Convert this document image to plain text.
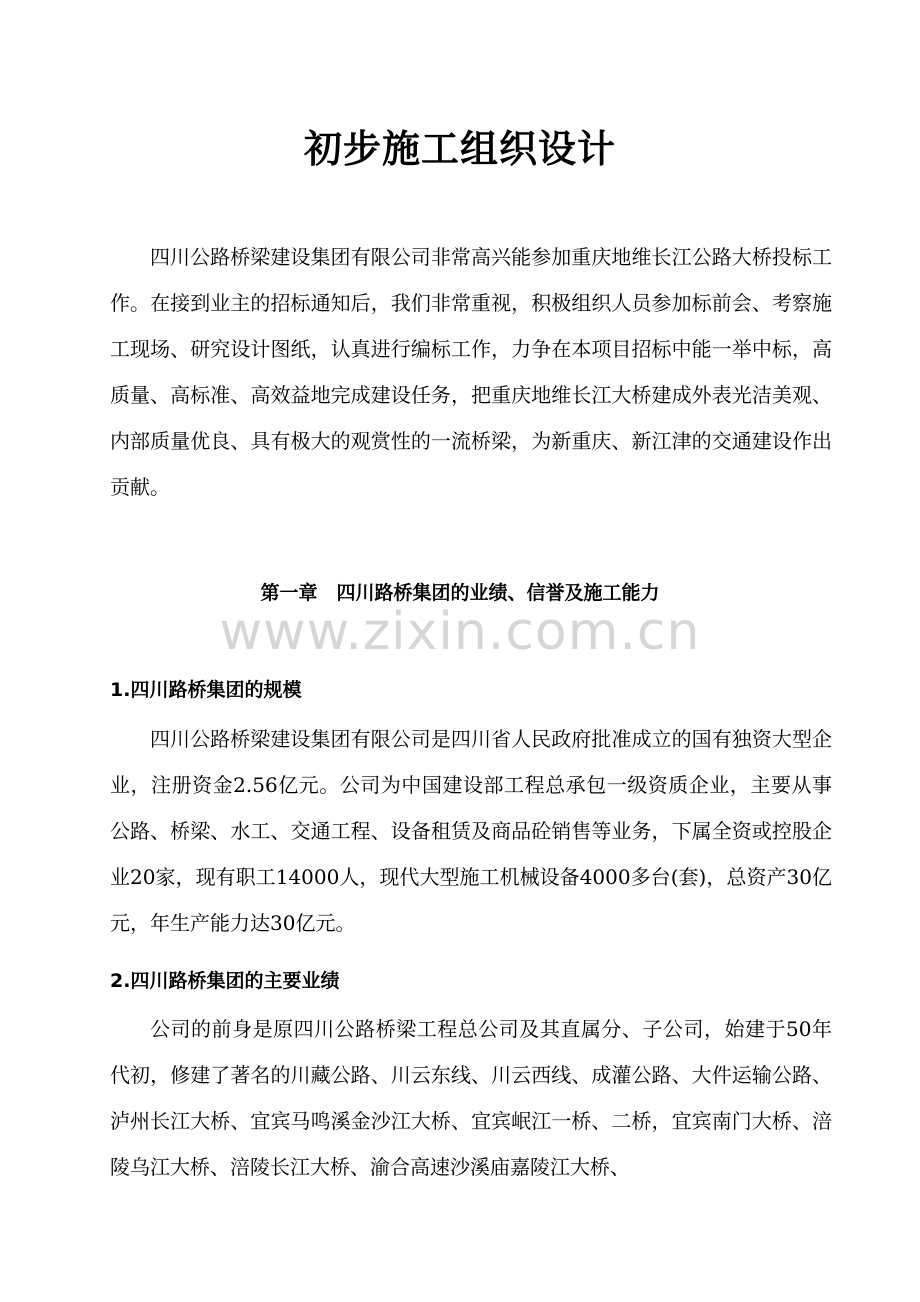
初步施工组织设计

四川公路桥梁建设集团有限公司非常高兴能参加重庆地维长江公路大桥投标工作。在接到业主的招标通知后，我们非常重视，积极组织人员参加标前会、考察施工现场、研究设计图纸，认真进行编标工作，力争在本项目招标中能一举中标，高质量、高标准、高效益地完成建设任务，把重庆地维长江大桥建成外表光洁美观、内部质量优良、具有极大的观赏性的一流桥梁，为新重庆、新江津的交通建设作出贡献。

第一章　四川路桥集团的业绩、信誉及施工能力
www.zixin.com.cn
1.四川路桥集团的规模

四川公路桥梁建设集团有限公司是四川省人民政府批准成立的国有独资大型企业，注册资金2.56亿元。公司为中国建设部工程总承包一级资质企业，主要从事公路、桥梁、水工、交通工程、设备租赁及商品砼销售等业务，下属全资或控股企业20家，现有职工14000人，现代大型施工机械设备4000多台(套)，总资产30亿元，年生产能力达30亿元。

2.四川路桥集团的主要业绩

公司的前身是原四川公路桥梁工程总公司及其直属分、子公司，始建于50年代初，修建了著名的川藏公路、川云东线、川云西线、成灌公路、大件运输公路、泸州长江大桥、宜宾马鸣溪金沙江大桥、宜宾岷江一桥、二桥，宜宾南门大桥、涪陵乌江大桥、涪陵长江大桥、渝合高速沙溪庙嘉陵江大桥、
